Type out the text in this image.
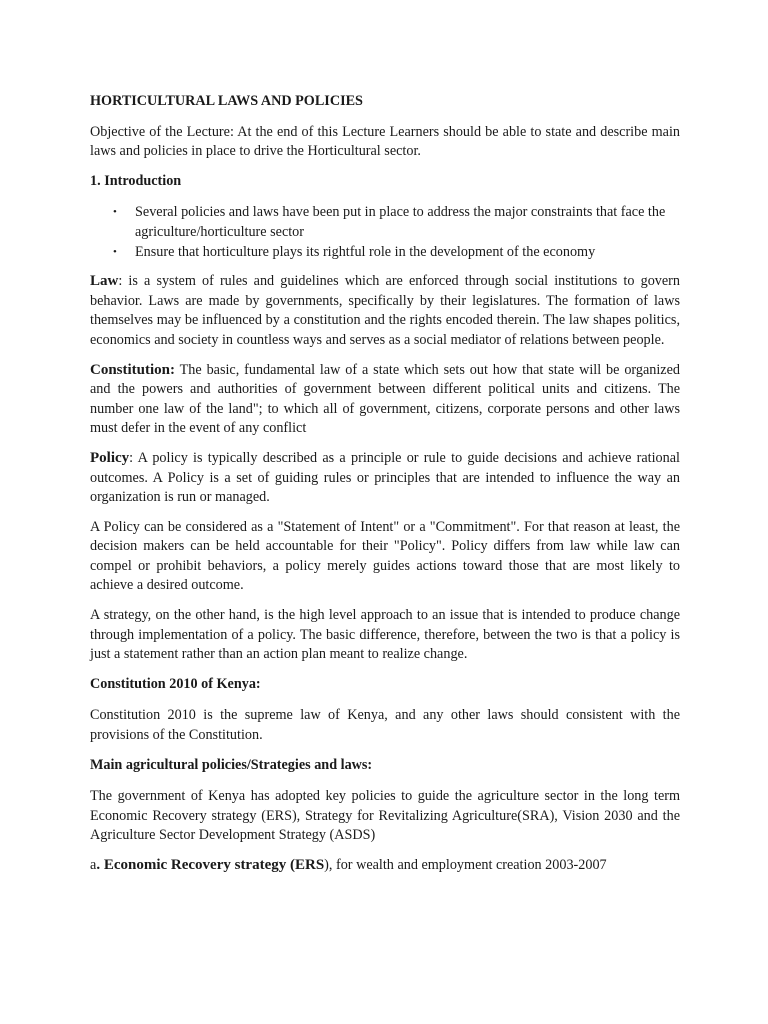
HORTICULTURAL LAWS AND POLICIES

Objective of the Lecture: At the end of this Lecture Learners should be able to state and describe main laws and policies in place to drive the Horticultural sector.

1. Introduction
• Several policies and laws have been put in place to address the major constraints that face the agriculture/horticulture sector
• Ensure that horticulture plays its rightful role in the development of the economy

Law: is a system of rules and guidelines which are enforced through social institutions to govern behavior. Laws are made by governments, specifically by their legislatures. The formation of laws themselves may be influenced by a constitution and the rights encoded therein. The law shapes politics, economics and society in countless ways and serves as a social mediator of relations between people.

Constitution: The basic, fundamental law of a state which sets out how that state will be organized and the powers and authorities of government between different political units and citizens. The number one law of the land"; to which all of government, citizens, corporate persons and other laws must defer in the event of any conflict

Policy: A policy is typically described as a principle or rule to guide decisions and achieve rational outcomes. A Policy is a set of guiding rules or principles that are intended to influence the way an organization is run or managed.

A Policy can be considered as a "Statement of Intent" or a "Commitment". For that reason at least, the decision makers can be held accountable for their "Policy". Policy differs from law while law can compel or prohibit behaviors, a policy merely guides actions toward those that are most likely to achieve a desired outcome.

A strategy, on the other hand, is the high level approach to an issue that is intended to produce change through implementation of a policy. The basic difference, therefore, between the two is that a policy is just a statement rather than an action plan meant to realize change.

Constitution 2010 of Kenya:

Constitution 2010 is the supreme law of Kenya, and any other laws should consistent with the provisions of the Constitution.

Main agricultural policies/Strategies and laws:

The government of Kenya has adopted key policies to guide the agriculture sector in the long term Economic Recovery strategy (ERS), Strategy for Revitalizing Agriculture(SRA), Vision 2030 and the Agriculture Sector Development Strategy (ASDS)

a. Economic Recovery strategy (ERS), for wealth and employment creation 2003-2007
